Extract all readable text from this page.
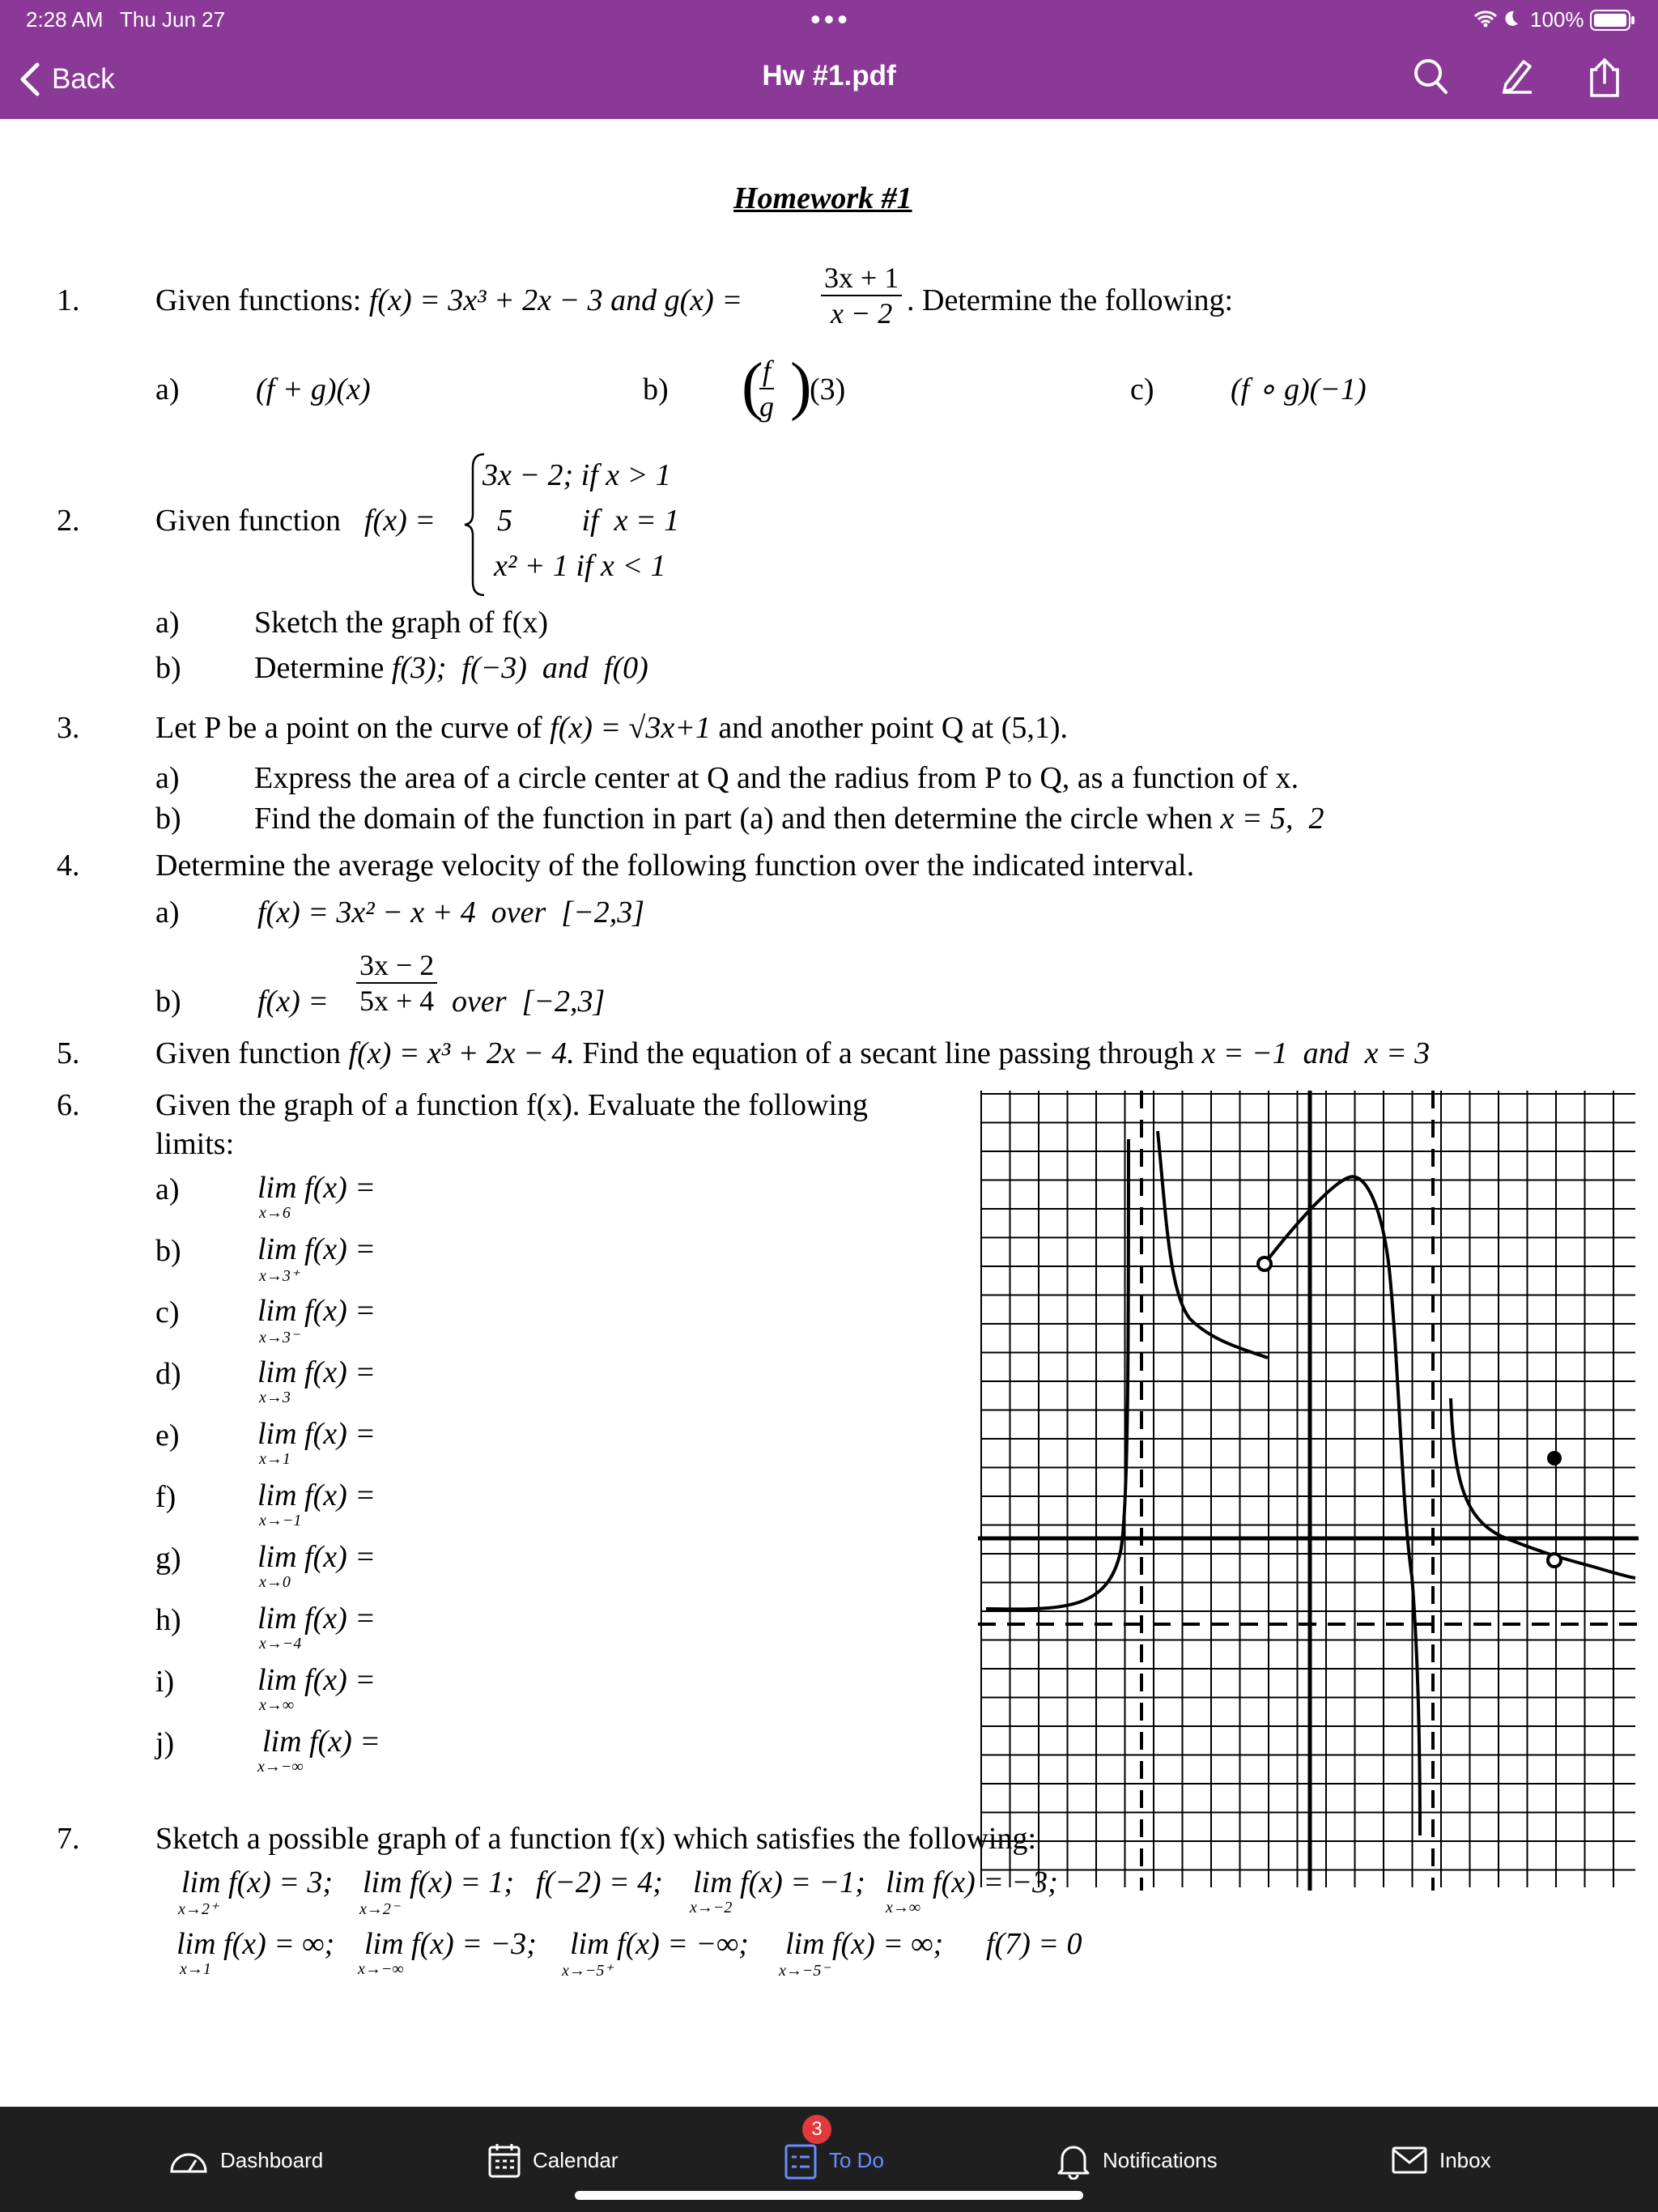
2:28 AM Thu Jun 27	•••	100%
Back	Hw #1.pdf
Homework #1
1. Given functions: f(x) = 3x³ + 2x − 3 and g(x) =	$\frac{3x + 1}{x - 2}$ . Determine the following:
a) (f + g)(x)	b) (
$\frac{f}{g}$ )
(3)	c) (f ∘ g)(−1)
2. Given function f(x) =
3x − 2; if x > 1
5         if  x = 1
x² + 1 if x < 1
a) Sketch the graph of f(x)
b) Determine f(3);  f(−3)  and  f(0)
3. Let P be a point on the curve of f(x) = √3x+1 and another point Q at (5,1).
a) Express the area of a circle center at Q and the radius from P to Q, as a function of x.
b) Find the domain of the function in part (a) and then determine the circle when x = 5,  2
4. Determine the average velocity of the following function over the indicated interval.
a)	f(x) = 3x² − x + 4  over  [−2,3]
b) $f(x) = \frac{3x - 2}{5x + 4}$ over  [−2,3]
5. Given function f(x) = x³ + 2x − 4. Find the equation of a secant line passing through x = −1  and  x = 3
6. Given the graph of a function f(x). Evaluate the following
limits:
a)	lim f(x) =
x→6
b) lim f(x) =
x→3⁺
c)	lim f(x) =
x→3⁻
d) lim f(x) =
x→3
e)	lim f(x) =
x→1
f)	lim f(x) =
x→−1
g) lim f(x) =
x→0
h) lim f(x) =
x→−4
i)	lim f(x) =
x→∞
j)	lim f(x) =
x→−∞
7. Sketch a possible graph of a function f(x) which satisfies the following:
lim f(x) = 3;
x→2⁺
lim f(x) = 1;
x→2⁻
f(−2) = 4; lim f(x) = −1;
x→−2
lim f(x) = −3;
x→∞
lim f(x) = ∞;
x→1
lim f(x) = −3;
x→−∞
lim f(x) = −∞;
x→−5⁺
lim f(x) = ∞;
x→−5⁻
f(7) = 0
Dashboard	Calendar	To Do	Notifications	Inbox
3
